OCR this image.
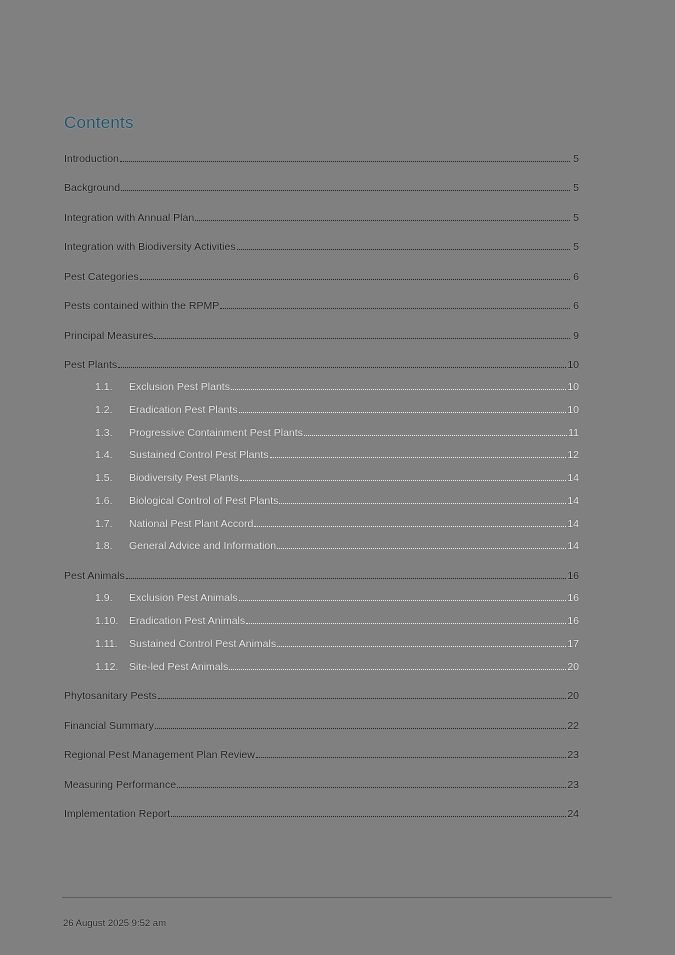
Contents
Introduction	5
Background	5
Integration with Annual Plan	5
Integration with Biodiversity Activities	5
Pest Categories	6
Pests contained within the RPMP	6
Principal Measures	9
Pest Plants	10
1.1.	Exclusion Pest Plants	10
1.2.	Eradication Pest Plants	10
1.3.	Progressive Containment Pest Plants	11
1.4.	Sustained Control Pest Plants	12
1.5.	Biodiversity Pest Plants	14
1.6.	Biological Control of Pest Plants	14
1.7.	National Pest Plant Accord	14
1.8.	General Advice and Information	14
Pest Animals	16
1.9.	Exclusion Pest Animals	16
1.10.	Eradication Pest Animals	16
1.11.	Sustained Control Pest Animals	17
1.12.	Site-led Pest Animals	20
Phytosanitary Pests	20
Financial Summary	22
Regional Pest Management Plan Review	23
Measuring Performance	23
Implementation Report	24
26 August 2025 9:52 am
